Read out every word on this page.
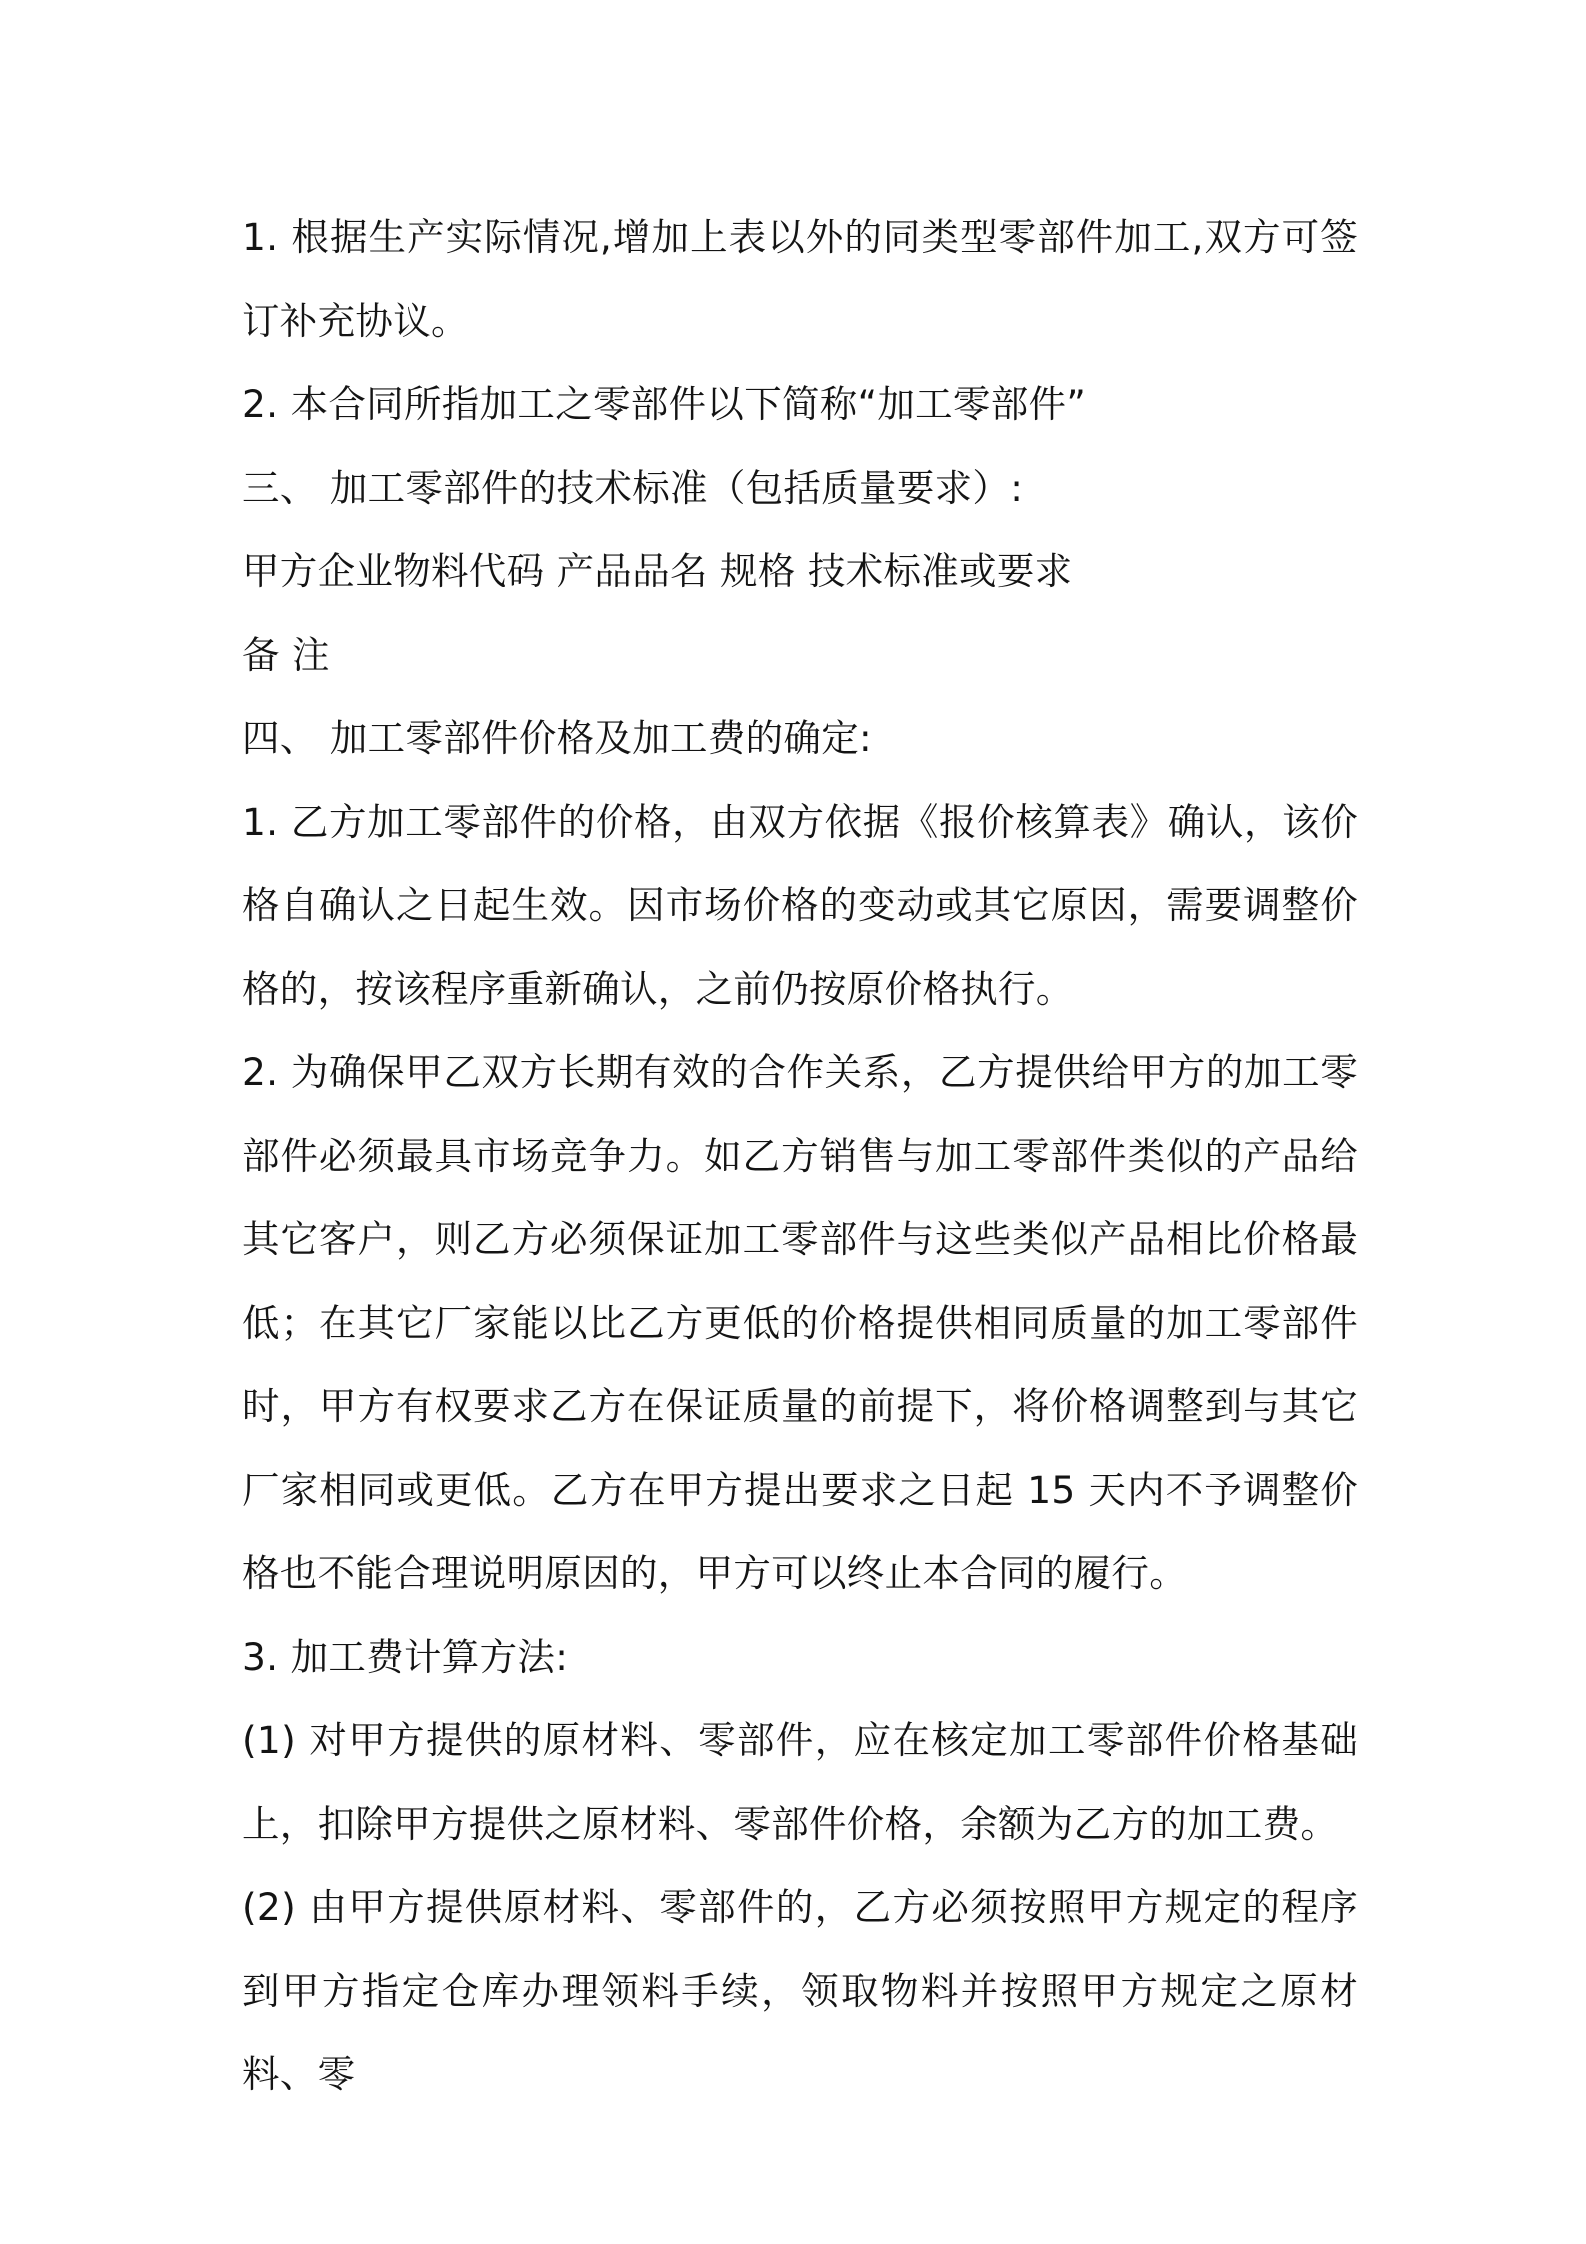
1. 根据生产实际情况,增加上表以外的同类型零部件加工,双方可签订补充协议。

2. 本合同所指加工之零部件以下简称“加工零部件”

三、 加工零部件的技术标准（包括质量要求）:

甲方企业物料代码 产品品名 规格 技术标准或要求

备 注

四、 加工零部件价格及加工费的确定:

1. 乙方加工零部件的价格，由双方依据《报价核算表》确认，该价格自确认之日起生效。因市场价格的变动或其它原因，需要调整价格的，按该程序重新确认，之前仍按原价格执行。

2. 为确保甲乙双方长期有效的合作关系，乙方提供给甲方的加工零部件必须最具市场竞争力。如乙方销售与加工零部件类似的产品给其它客户，则乙方必须保证加工零部件与这些类似产品相比价格最低；在其它厂家能以比乙方更低的价格提供相同质量的加工零部件时，甲方有权要求乙方在保证质量的前提下，将价格调整到与其它厂家相同或更低。乙方在甲方提出要求之日起 15 天内不予调整价格也不能合理说明原因的，甲方可以终止本合同的履行。

3. 加工费计算方法:

(1) 对甲方提供的原材料、零部件，应在核定加工零部件价格基础上，扣除甲方提供之原材料、零部件价格，余额为乙方的加工费。

(2) 由甲方提供原材料、零部件的，乙方必须按照甲方规定的程序到甲方指定仓库办理领料手续，领取物料并按照甲方规定之原材料、零
